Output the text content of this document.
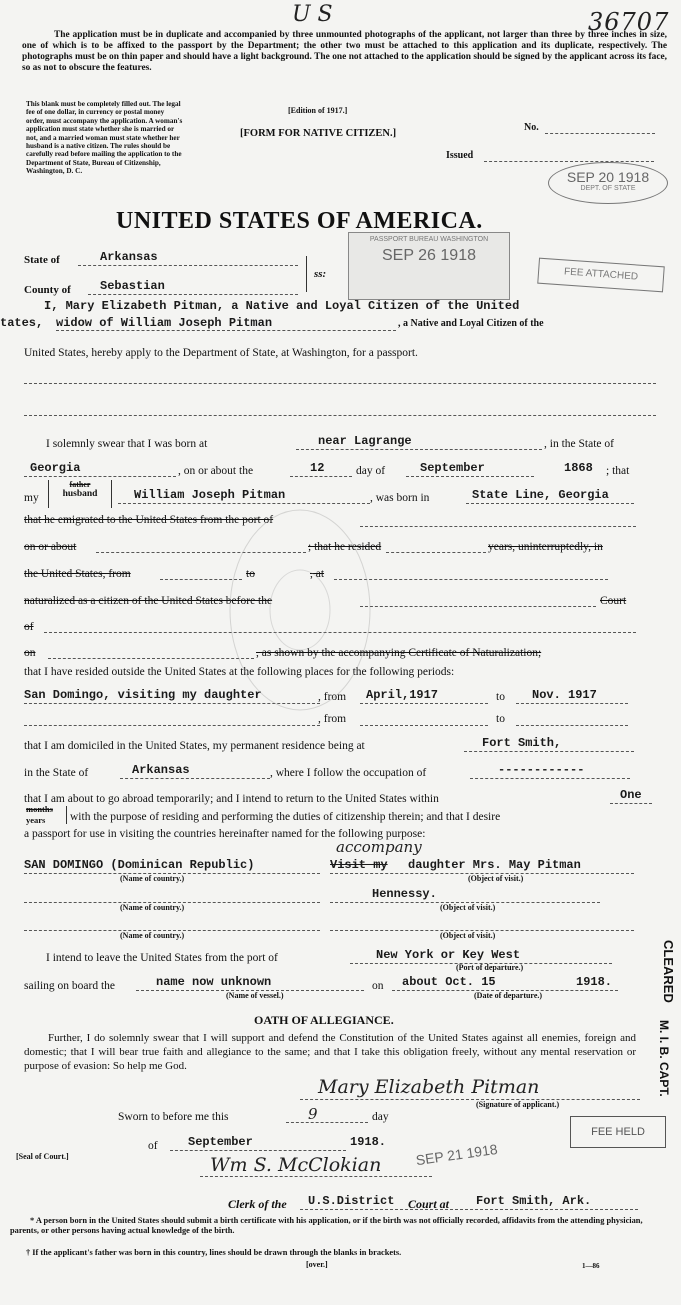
U S	36707
The application must be in duplicate and accompanied by three unmounted photographs of the applicant, not larger than three by three inches in size, one of which is to be affixed to the passport by the Department; the other two must be attached to this application and its duplicate, respectively. The photographs must be on thin paper and should have a light background. The one not attached to the application should be signed by the applicant across its face, so as not to obscure the features.
This blank must be completely filled out. The legal fee of one dollar, in currency or postal money order, must accompany the application. A woman's application must state whether she is married or not, and a married woman must state whether her husband is a native citizen. The rules should be carefully read before mailing the application to the Department of State, Bureau of Citizenship, Washington, D. C.
[Edition of 1917.]
[FORM FOR NATIVE CITIZEN.]
No.
Issued
SEP 20 1918
DEPT. OF STATE
UNITED STATES OF AMERICA.
PASSPORT BUREAU WASHINGTON
SEP 26 1918
FEE ATTACHED
State of	Arkansas
County of Sebastian
ss:
I, Mary Elizabeth Pitman, a Native and Loyal Citizen of the United
tates, widow of William Joseph Pitman	, a Native and Loyal Citizen of the
United States, hereby apply to the Department of State, at Washington, for a passport.
I solemnly swear that I was born at	near Lagrange	, in the State of
Georgia	, on or about the	12	day of	September	1868 ; that
my
father
husband	William Joseph Pitman	, was born in	State Line, Georgia
that he emigrated to the United States from the port of
on or about	; that he resided	years, uninterruptedly, in
the United States, from	to	, at
naturalized as a citizen of the United States before the	Court
of
on	, as shown by the accompanying Certificate of Naturalization;
that I have resided outside the United States at the following places for the following periods:
San Domingo, visiting my daughter	, from April,1917	to Nov. 1917
, from	to
that I am domiciled in the United States, my permanent residence being at	Fort Smith,
in the State of	Arkansas	, where I follow the occupation of	------------
that I am about to go abroad temporarily; and I intend to return to the United States within	One
months
years with the purpose of residing and performing the duties of citizenship therein; and that I desire
a passport for use in visiting the countries hereinafter named for the following purpose:
SAN DOMINGO (Dominican Republic)	Visit my
accompany
daughter Mrs. May Pitman
(Name of country.)	(Object of visit.)
Hennessy.
(Name of country.)	(Object of visit.)
(Name of country.)	(Object of visit.)
I intend to leave the United States from the port of	New York or Key West
(Port of departure.)
sailing on board the	name now unknown	on about Oct. 15	1918.
(Name of vessel.)	(Date of departure.)
OATH OF ALLEGIANCE.
Further, I do solemnly swear that I will support and defend the Constitution of the United States against all enemies, foreign and domestic; that I will bear true faith and allegiance to the same; and that I take this obligation freely, without any mental reservation or purpose of evasion: So help me God.
Mary Elizabeth Pitman
(Signature of applicant.)
Sworn to before me this	9	day
of	September	1918.
[Seal of Court.]	Wm S. McClokian SEP 21 1918
Clerk of the U.S.District Court at Fort Smith, Ark.
* A person born in the United States should submit a birth certificate with his application, or if the birth was not officially recorded, affidavits from the attending physician, parents, or other persons having actual knowledge of the birth.
† If the applicant's father was born in this country, lines should be drawn through the blanks in brackets.
[over.]	1—86
CLEARED
M. I. B. CAPT.
FEE HELD
